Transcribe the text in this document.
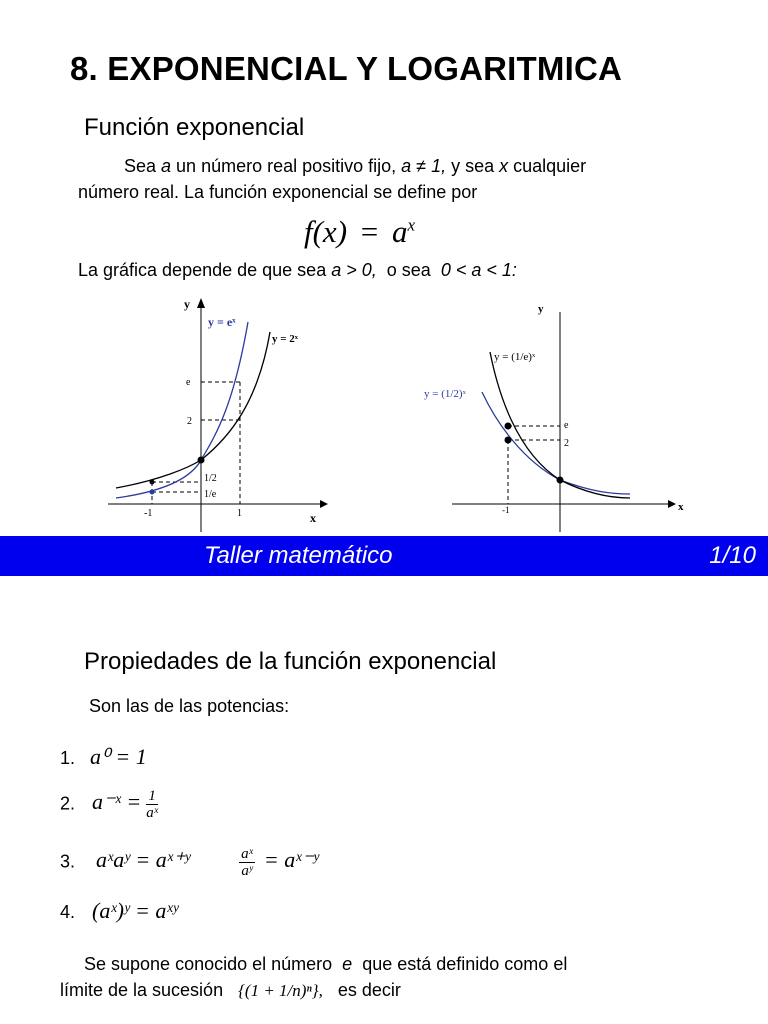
8. EXPONENCIAL Y LOGARITMICA
Función exponencial
Sea a un número real positivo fijo, a ≠ 1, y sea x cualquier
número real. La función exponencial se define por
$f(x) = a^x$
La gráfica depende de que sea a > 0,  o sea  0 < a < 1:
y
x
y = eˣ
y = 2ˣ
e
2
1/2
1/e
-1	1
y
x
y = (1/e)ˣ
y = (1/2)ˣ
e
2
-1
Taller matemático	1/10
Propiedades de la función exponencial
Son las de las potencias:
1. a⁰ = 1
2. a⁻ˣ = $\frac{1}{\text{aˣ}}$
3. aˣaʸ = aˣ⁺ʸ	$\frac{\text{aˣ}}{\text{aʸ}}$ = aˣ⁻ʸ
4. (aˣ)ʸ = aˣʸ
Se supone conocido el número  e  que está definido como el
límite de la sucesión {(1 + 1/n)ⁿ}, es decir
